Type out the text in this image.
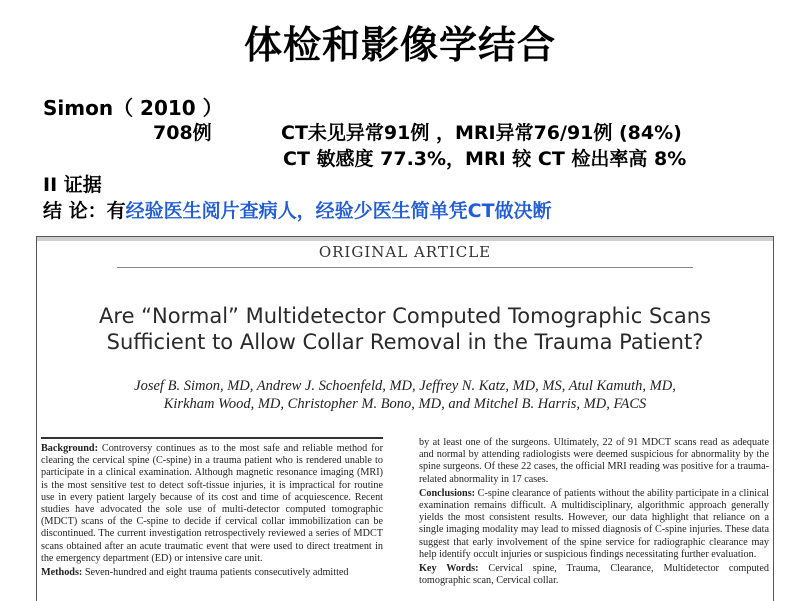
体检和影像学结合
Simon（ 2010 ）
708例	CT未见异常91例 ，MRI异常76/91例 (84%)
CT 敏感度 77.3%，MRI 较 CT 检出率高 8%
II 证据
结 论：有经验医生阅片查病人，经验少医生简单凭CT做决断
ORIGINAL ARTICLE
Are “Normal” Multidetector Computed Tomographic Scans
Sufficient to Allow Collar Removal in the Trauma Patient?
Josef B. Simon, MD, Andrew J. Schoenfeld, MD, Jeffrey N. Katz, MD, MS, Atul Kamuth, MD,
Kirkham Wood, MD, Christopher M. Bono, MD, and Mitchel B. Harris, MD, FACS

Background: Controversy continues as to the most safe and reliable method for clearing the cervical spine (C-spine) in a trauma patient who is rendered unable to participate in a clinical examination. Although magnetic resonance imaging (MRI) is the most sensitive test to detect soft-tissue injuries, it is impractical for routine use in every patient largely because of its cost and time of acquiescence. Recent studies have advocated the sole use of multi-detector computed tomographic (MDCT) scans of the C-spine to decide if cervical collar immobilization can be discontinued. The current investigation retrospectively reviewed a series of MDCT scans obtained after an acute traumatic event that were used to direct treatment in the emergency department (ED) or intensive care unit.

Methods: Seven-hundred and eight trauma patients consecutively admitted

by at least one of the surgeons. Ultimately, 22 of 91 MDCT scans read as adequate and normal by attending radiologists were deemed suspicious for abnormality by the spine surgeons. Of these 22 cases, the official MRI reading was positive for a trauma-related abnormality in 17 cases.

Conclusions: C-spine clearance of patients without the ability participate in a clinical examination remains difficult. A multidisciplinary, algorithmic approach generally yields the most consistent results. However, our data highlight that reliance on a single imaging modality may lead to missed diagnosis of C-spine injuries. These data suggest that early involvement of the spine service for radiographic clearance may help identify occult injuries or suspicious findings necessitating further evaluation.

Key Words: Cervical spine, Trauma, Clearance, Multidetector computed tomographic scan, Cervical collar.
